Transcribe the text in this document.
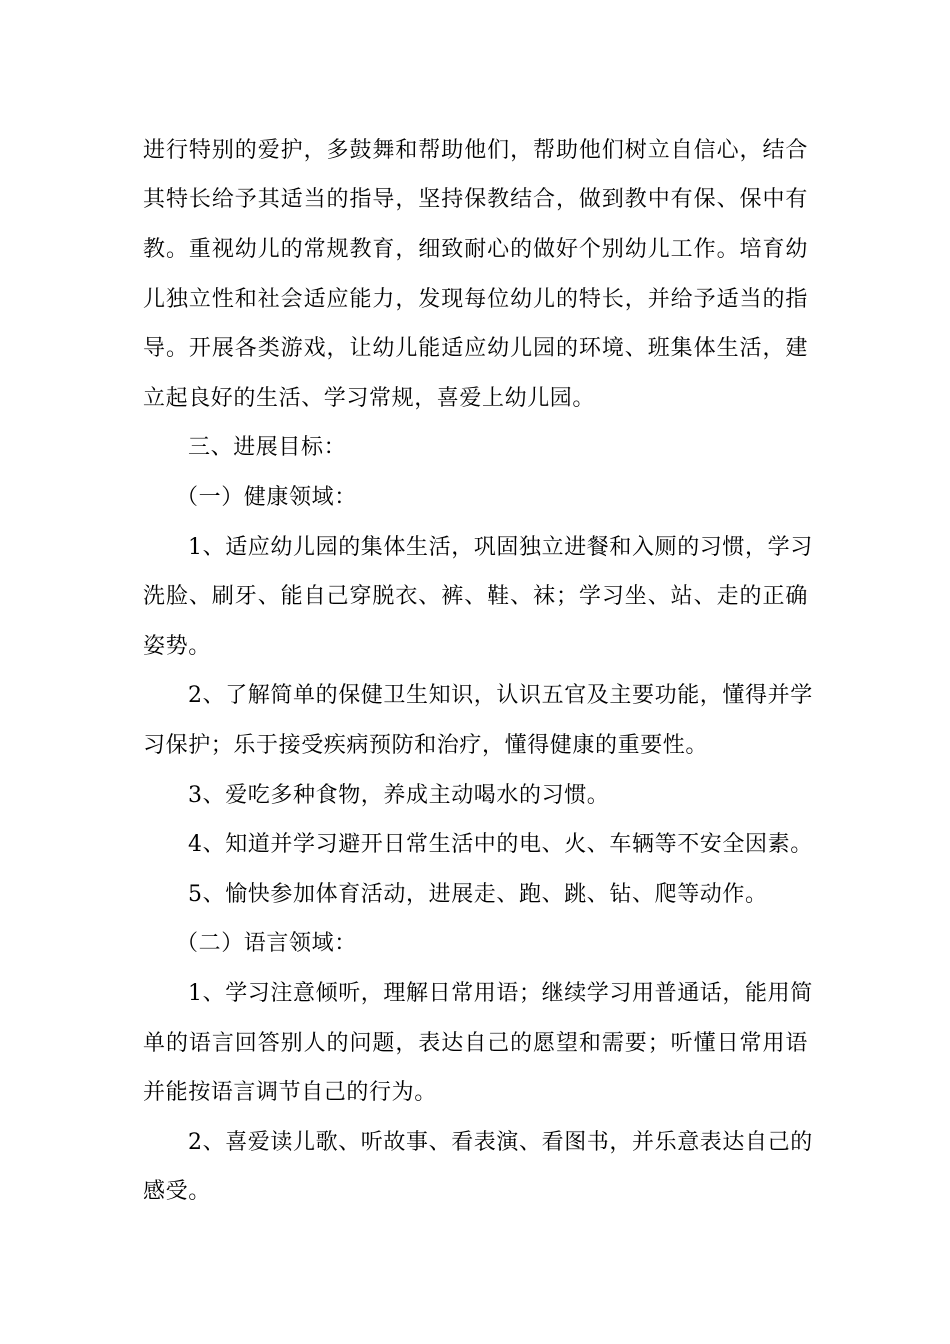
进行特别的爱护，多鼓舞和帮助他们，帮助他们树立自信心，结合
其特长给予其适当的指导，坚持保教结合，做到教中有保、保中有
教。重视幼儿的常规教育，细致耐心的做好个别幼儿工作。培育幼
儿独立性和社会适应能力，发现每位幼儿的特长，并给予适当的指
导。开展各类游戏，让幼儿能适应幼儿园的环境、班集体生活，建
立起良好的生活、学习常规，喜爱上幼儿园。
三、进展目标：
（一）健康领域：
1、适应幼儿园的集体生活，巩固独立进餐和入厕的习惯，学习
洗脸、刷牙、能自己穿脱衣、裤、鞋、袜；学习坐、站、走的正确
姿势。
2、了解简单的保健卫生知识，认识五官及主要功能，懂得并学
习保护；乐于接受疾病预防和治疗，懂得健康的重要性。
3、爱吃多种食物，养成主动喝水的习惯。
4、知道并学习避开日常生活中的电、火、车辆等不安全因素。
5、愉快参加体育活动，进展走、跑、跳、钻、爬等动作。
（二）语言领域：
1、学习注意倾听，理解日常用语；继续学习用普通话，能用简
单的语言回答别人的问题，表达自己的愿望和需要；听懂日常用语
并能按语言调节自己的行为。
2、喜爱读儿歌、听故事、看表演、看图书，并乐意表达自己的
感受。
